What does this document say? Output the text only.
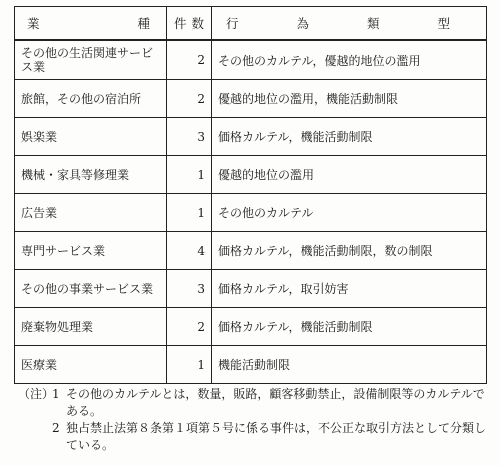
業 種	件 数	行 為 類 型

その他の生活関連サービス業	2	その他のカルテル，優越的地位の濫用
旅館，その他の宿泊所	2	優越的地位の濫用，機能活動制限
娯楽業	3	価格カルテル，機能活動制限
機械・家具等修理業	1	優越的地位の濫用
広告業	1	その他のカルテル
専門サービス業	4	価格カルテル，機能活動制限，数の制限
その他の事業サービス業	3	価格カルテル，取引妨害
廃棄物処理業	2	価格カルテル，機能活動制限
医療業	1	機能活動制限
（注）
1 その他のカルテルとは，数量，販路，顧客移動禁止，設備制限等のカルテルである。
2 独占禁止法第８条第１項第５号に係る事件は，不公正な取引方法として分類している。
